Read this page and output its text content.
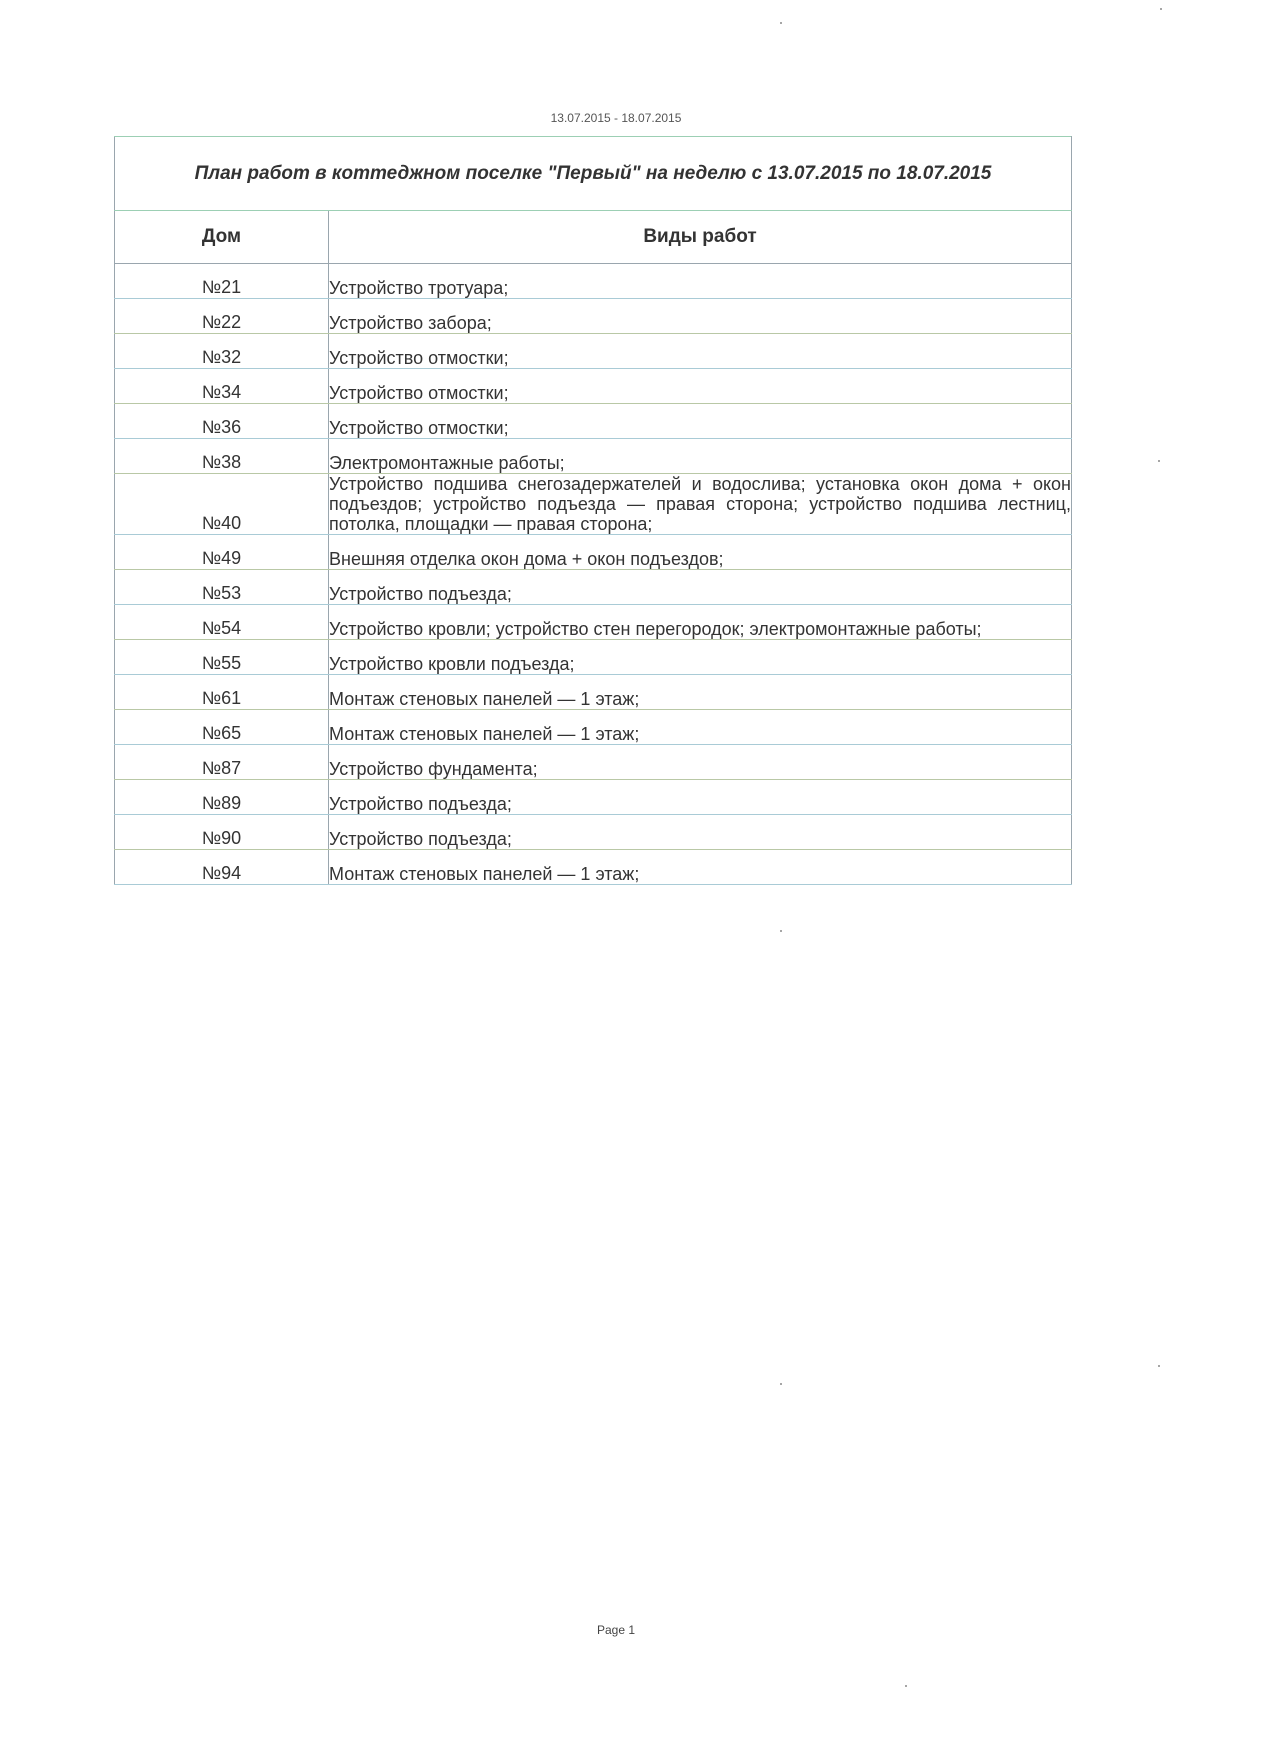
13.07.2015 - 18.07.2015
План работ в коттеджном поселке "Первый" на неделю с 13.07.2015 по 18.07.2015	
Дом	Виды работ
№21	Устройство тротуара;
№22	Устройство забора;
№32	Устройство отмостки;
№34	Устройство отмостки;
№36	Устройство отмостки;
№38	Электромонтажные работы;
№40	Устройство подшива снегозадержателей и водослива; установка окон дома + окон подъездов; устройство подъезда — правая сторона; устройство подшива лестниц, потолка, площадки — правая сторона;
№49	Внешняя отделка окон дома + окон подъездов;
№53	Устройство подъезда;
№54	Устройство кровли; устройство стен перегородок; электромонтажные работы;
№55	Устройство кровли подъезда;
№61	Монтаж стеновых панелей — 1 этаж;
№65	Монтаж стеновых панелей — 1 этаж;
№87	Устройство фундамента;
№89	Устройство подъезда;
№90	Устройство подъезда;
№94	Монтаж стеновых панелей — 1 этаж;
Page 1
